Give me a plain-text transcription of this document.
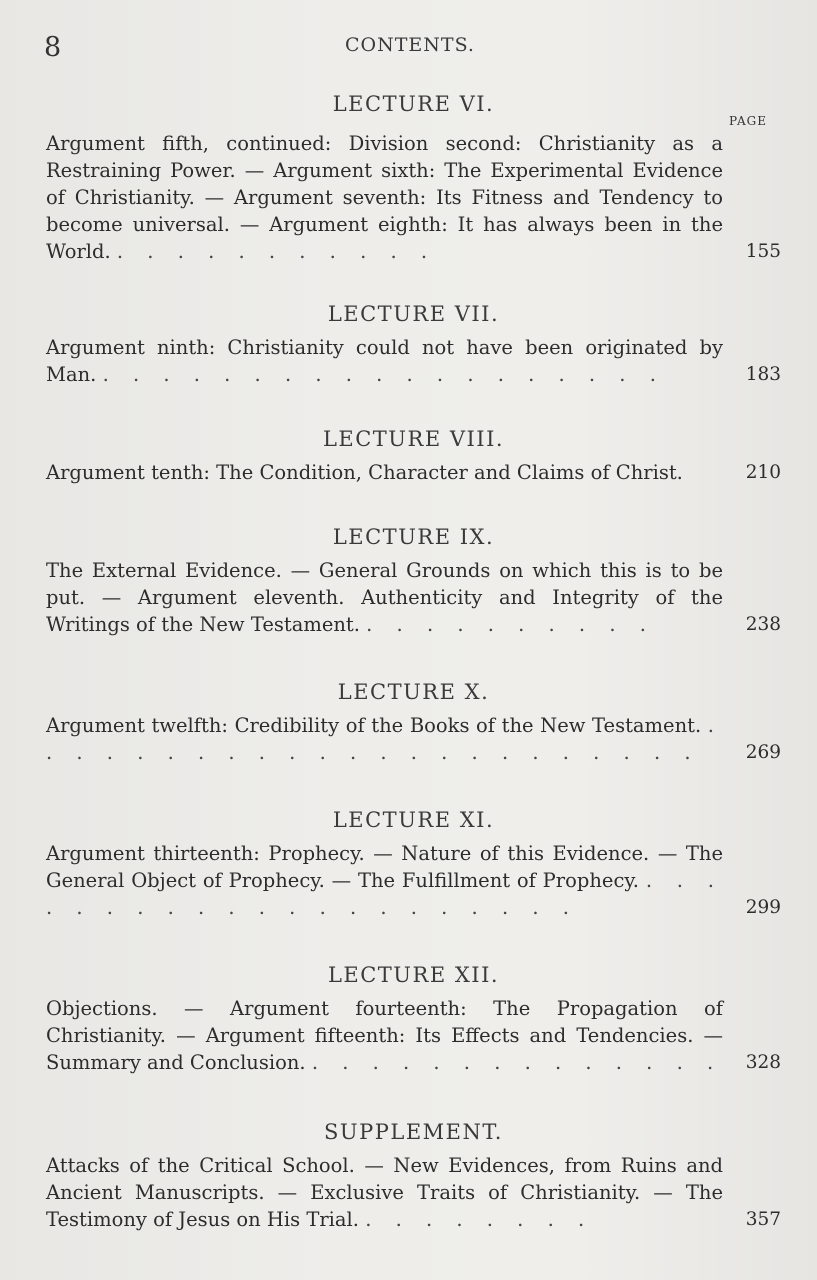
8	CONTENTS.
LECTURE VI.
PAGE
Argument fifth, continued: Division second: Christianity as a Restraining Power. — Argument sixth: The Experimental Evidence of Christianity. — Argument seventh: Its Fitness and Tendency to become universal. — Argument eighth: It has always been in the World. . . . . . . . . . . .	155
LECTURE VII.
Argument ninth: Christianity could not have been originated by Man. . . . . . . . . . . . . . . . . . . .	183
LECTURE VIII.
Argument tenth: The Condition, Character and Claims of Christ.	210
LECTURE IX.
The External Evidence. — General Grounds on which this is to be put. — Argument eleventh. Authenticity and Integrity of the Writings of the New Testament. . . . . . . . . . .	238
LECTURE X.
Argument twelfth: Credibility of the Books of the New Testament. . . . . . . . . . . . . . . . . . . . . . . . 269
LECTURE XI.
Argument thirteenth: Prophecy. — Nature of this Evidence. — The General Object of Prophecy. — The Fulfillment of Prophecy. . . . . . . . . . . . . . . . . . . . . .	299
LECTURE XII.
Objections. — Argument fourteenth: The Propagation of Christianity. — Argument fifteenth: Its Effects and Tendencies. — Summary and Conclusion. . . . . . . . . . . . . . . 328
SUPPLEMENT.
Attacks of the Critical School. — New Evidences, from Ruins and Ancient Manuscripts. — Exclusive Traits of Christianity. — The Testimony of Jesus on His Trial. . . . . . . . .	357
